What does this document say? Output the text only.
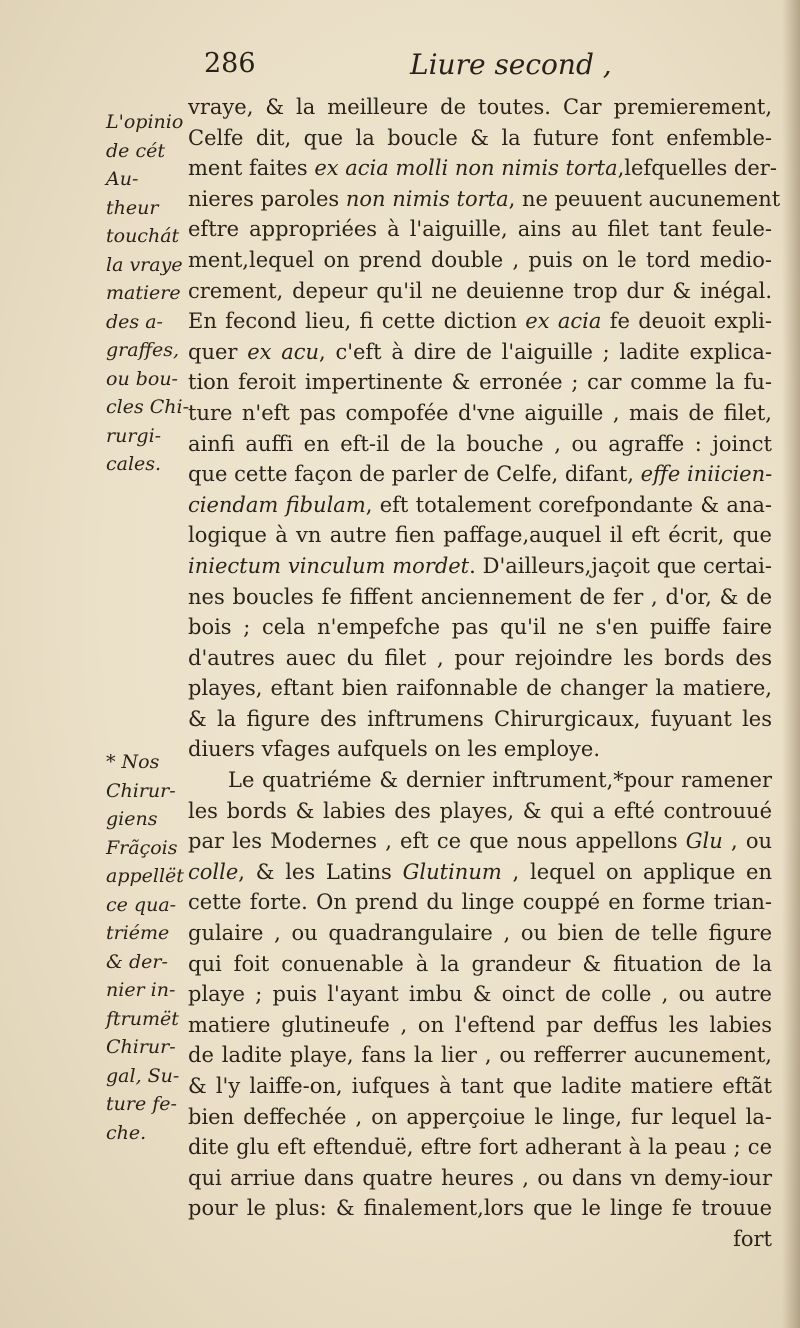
286	Liure second ,
L'opinio
de cét
Au-
theur
touchát
la vraye
matiere
des a-
graffes,
ou bou-
cles Chi-
rurgi-
cales.
* Nos
Chirur-
giens
Frãçois
appellët
ce qua-
triéme
& der-
nier in-
ftrumët
Chirur-
gal, Su-
ture fe-
che.
vraye, & la meilleure de toutes. Car premierement,
Celfe dit, que la boucle & la future font enfemble-
ment faites ex acia molli non nimis torta,lefquelles der-
nieres paroles non nimis torta, ne peuuent aucunement
eftre appropriées à l'aiguille, ains au filet tant feule-
ment,lequel on prend double , puis on le tord medio-
crement, depeur qu'il ne deuienne trop dur & inégal.
En fecond lieu, fi cette diction ex acia fe deuoit expli-
quer ex acu, c'eft à dire de l'aiguille ; ladite explica-
tion feroit impertinente & erronée ; car comme la fu-
ture n'eft pas compofée d'vne aiguille , mais de filet,
ainfi auffi en eft-il de la bouche , ou agraffe : joinct
que cette façon de parler de Celfe, difant, effe iniicien-
ciendam fibulam, eft totalement corefpondante & ana-
logique à vn autre fien paffage,auquel il eft écrit, que
iniectum vinculum mordet. D'ailleurs,jaçoit que certai-
nes boucles fe fiffent anciennement de fer , d'or, & de
bois ; cela n'empefche pas qu'il ne s'en puiffe faire
d'autres auec du filet , pour rejoindre les bords des
playes, eftant bien raifonnable de changer la matiere,
& la figure des inftrumens Chirurgicaux, fuyuant les
diuers vfages aufquels on les employe.
Le quatriéme & dernier inftrument,*pour ramener
les bords & labies des playes, & qui a efté controuué
par les Modernes , eft ce que nous appellons Glu , ou
colle, & les Latins Glutinum , lequel on applique en
cette forte. On prend du linge couppé en forme trian-
gulaire , ou quadrangulaire , ou bien de telle figure
qui foit conuenable à la grandeur & fituation de la
playe ; puis l'ayant imbu & oinct de colle , ou autre
matiere glutineufe , on l'eftend par deffus les labies
de ladite playe, fans la lier , ou refferrer aucunement,
& l'y laiffe-on, iufques à tant que ladite matiere eftãt
bien deffechée , on apperçoiue le linge, fur lequel la-
dite glu eft eftenduë, eftre fort adherant à la peau ; ce
qui arriue dans quatre heures , ou dans vn demy-iour
pour le plus: & finalement,lors que le linge fe trouue
fort
